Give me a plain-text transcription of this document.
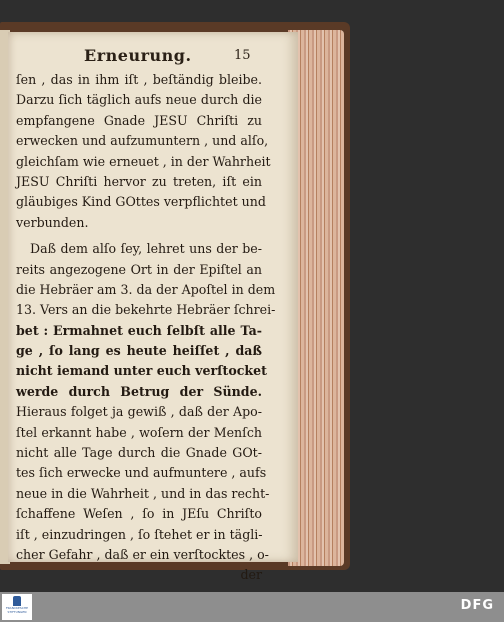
Erneurung.	15
ſen , das in ihm iſt , beſtändig bleibe.
Darzu ſich täglich aufs neue durch die
empfangene Gnade JESU Chriſti zu
erwecken und aufzumuntern , und alſo,
gleichſam wie erneuet , in der Wahrheit
JESU Chriſti hervor zu treten, iſt ein
gläubiges Kind GOttes verpflichtet und
verbunden.
Daß dem alſo ſey, lehret uns der be-
reits angezogene Ort in der Epiſtel an
die Hebräer am 3. da der Apoſtel in dem
13. Vers an die bekehrte Hebräer ſchrei-
bet : Ermahnet euch ſelbſt alle Ta-
ge , ſo lang es heute heiſſet , daß
nicht iemand unter euch verſtocket
werde durch Betrug der Sünde.
Hieraus folget ja gewiß , daß der Apo-
ſtel erkannt habe , woſern der Menſch
nicht alle Tage durch die Gnade GOt-
tes ſich erwecke und aufmuntere , aufs
neue in die Wahrheit , und in das recht-
ſchaffene Weſen , ſo in JEſu Chriſto
iſt , einzudringen , ſo ſtehet er in tägli-
cher Gefahr , daß er ein verſtocktes , o-
der
FRANCKESCHE STIFTUNGEN	DFG
